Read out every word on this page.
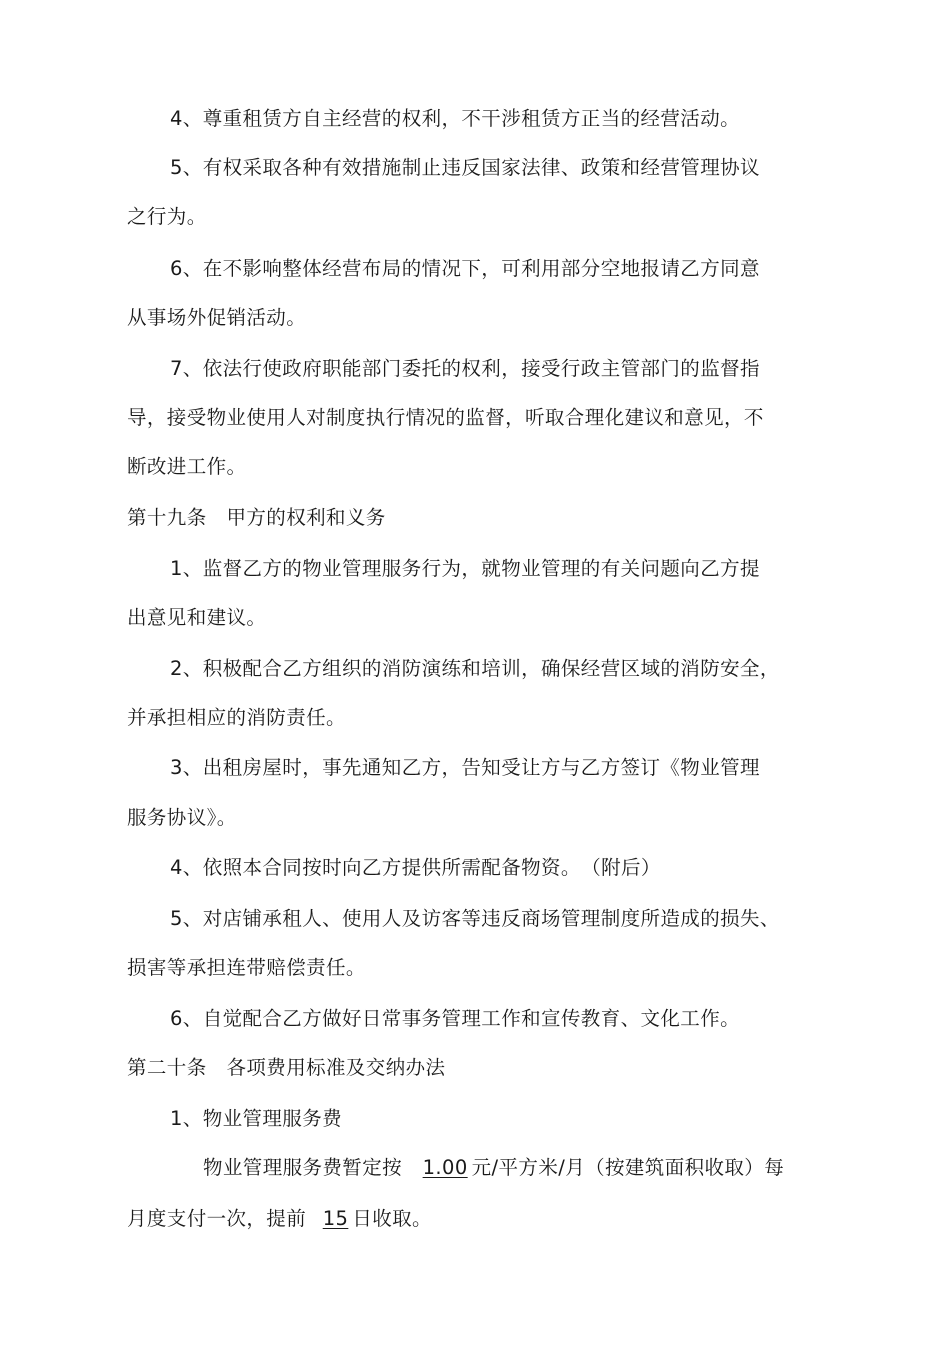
4、尊重租赁方自主经营的权利，不干涉租赁方正当的经营活动。
5、有权采取各种有效措施制止违反国家法律、政策和经营管理协议
之行为。
6、在不影响整体经营布局的情况下，可利用部分空地报请乙方同意
从事场外促销活动。
7、依法行使政府职能部门委托的权利，接受行政主管部门的监督指
导，接受物业使用人对制度执行情况的监督，听取合理化建议和意见，不
断改进工作。
第十九条　甲方的权利和义务
1、监督乙方的物业管理服务行为，就物业管理的有关问题向乙方提
出意见和建议。
2、积极配合乙方组织的消防演练和培训，确保经营区域的消防安全，
并承担相应的消防责任。
3、出租房屋时，事先通知乙方，告知受让方与乙方签订《物业管理
服务协议》。
4、依照本合同按时向乙方提供所需配备物资。　（附后）
5、对店铺承租人、使用人及访客等违反商场管理制度所造成的损失、
损害等承担连带赔偿责任。
6、自觉配合乙方做好日常事务管理工作和宣传教育、文化工作。
第二十条　各项费用标准及交纳办法
1、物业管理服务费
物业管理服务费暂定按 1.00 元/平方米/月（按建筑面积收取）每
月度支付一次，提前 15 日收取。
